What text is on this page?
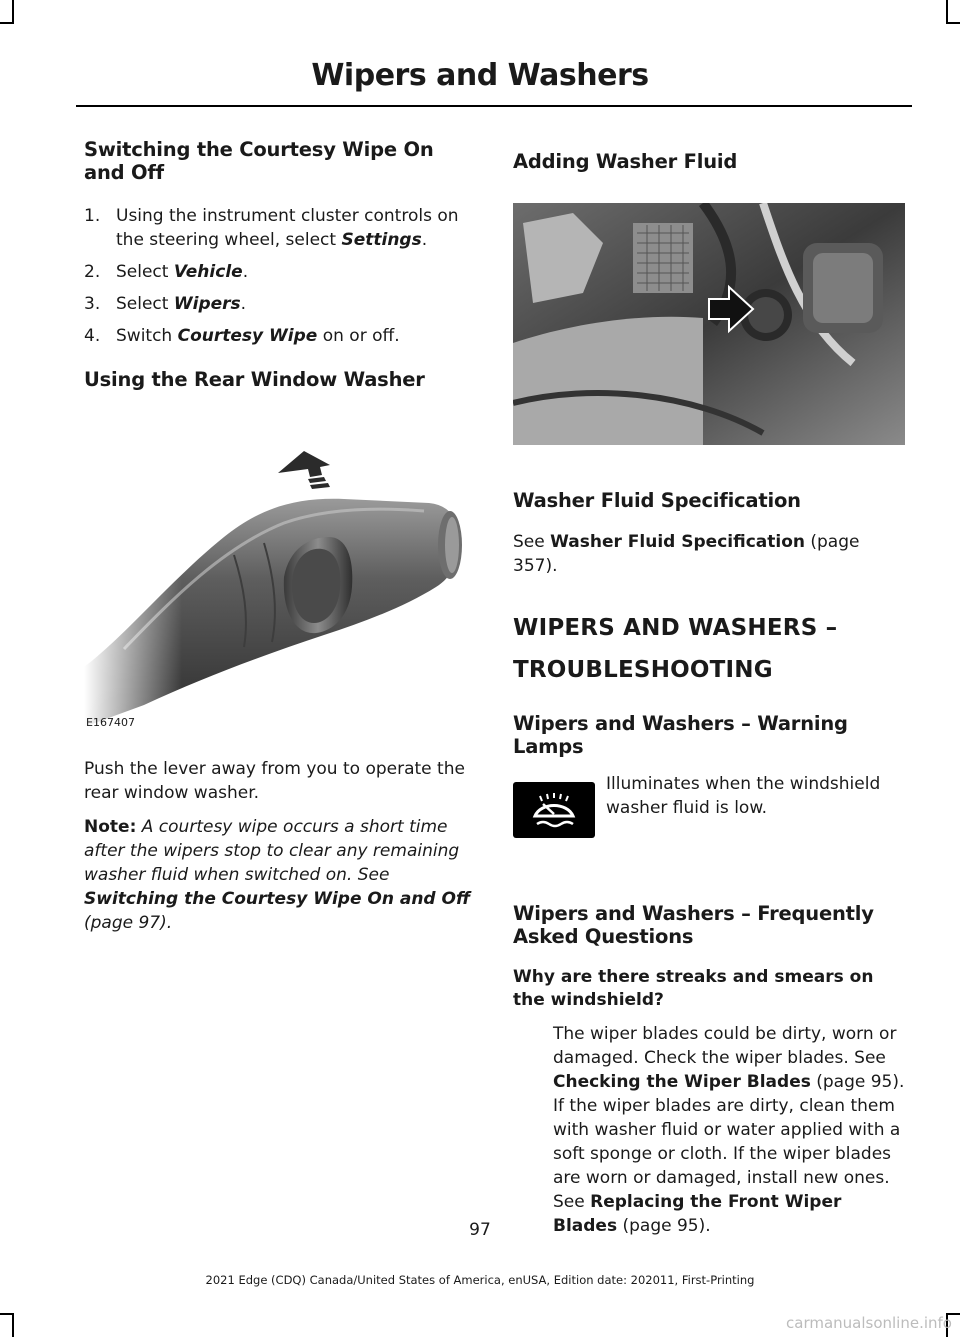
Wipers and Washers
Switching the Courtesy Wipe On and Off
1. Using the instrument cluster controls on the steering wheel, select Settings.
2. Select Vehicle.
3. Select Wipers.
4. Switch Courtesy Wipe on or off.
Using the Rear Window Washer
E167407

Push the lever away from you to operate the rear window washer.

Note: A courtesy wipe occurs a short time after the wipers stop to clear any remaining washer fluid when switched on. See Switching the Courtesy Wipe On and Off (page 97).

Adding Washer Fluid
Washer Fluid Specification

See Washer Fluid Specification (page 357).

WIPERS AND WASHERS –
TROUBLESHOOTING
Wipers and Washers – Warning Lamps

Illuminates when the windshield washer fluid is low.

Wipers and Washers – Frequently Asked Questions
Why are there streaks and smears on the windshield?

The wiper blades could be dirty, worn or damaged. Check the wiper blades. See Checking the Wiper Blades (page 95). If the wiper blades are dirty, clean them with washer fluid or water applied with a soft sponge or cloth. If the wiper blades are worn or damaged, install new ones. See Replacing the Front Wiper Blades (page 95).

97
2021 Edge (CDQ) Canada/United States of America, enUSA, Edition date: 202011, First-Printing
carmanualsonline.info
